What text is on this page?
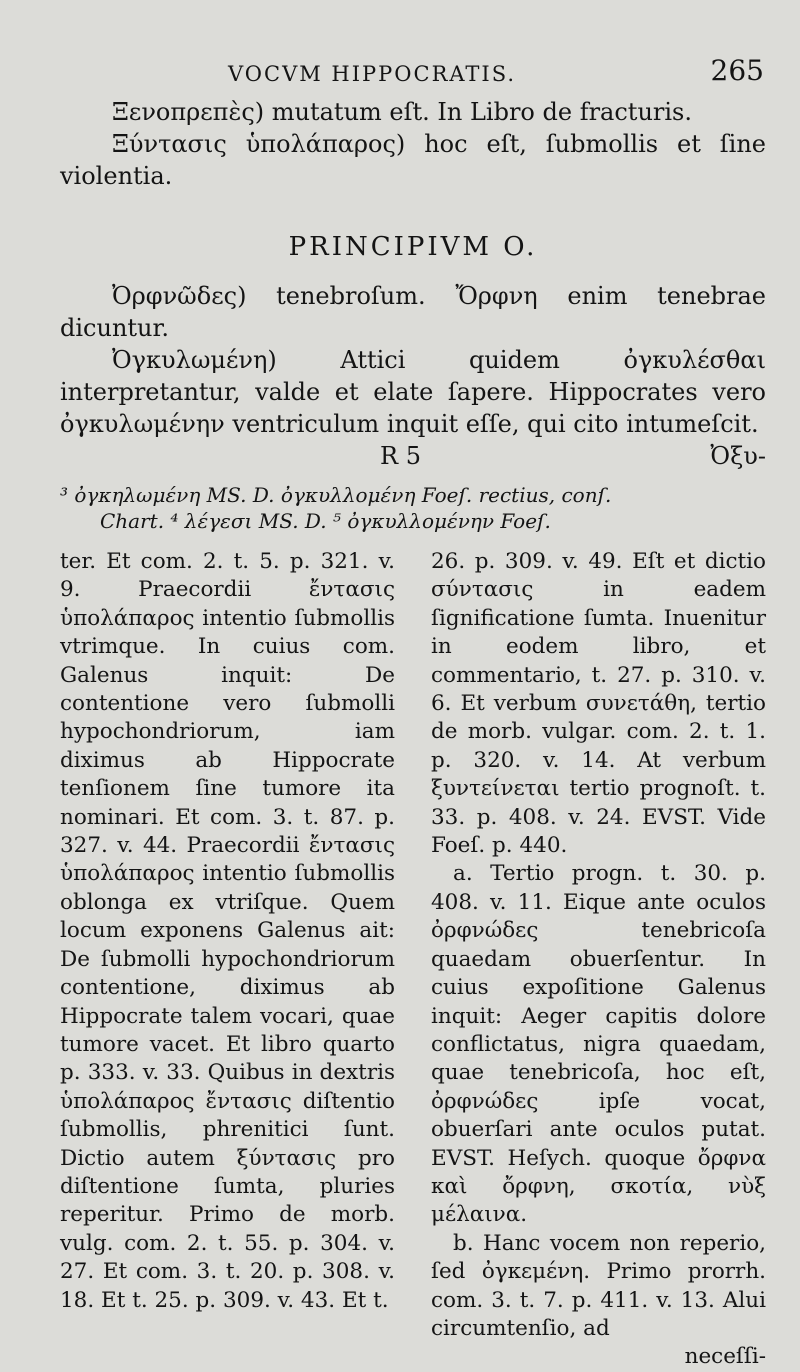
VOCVM HIPPOCRATIS.	265

Ξενοπρεπὲς) mutatum eſt. In Libro de fracturis.

Ξύντασις ὑπολάπαρος) hoc eſt, ſubmollis et ſine violentia.

PRINCIPIVM O.

Ὀρφνῶδες) tenebroſum. Ὄρφνη enim tenebrae dicuntur.

Ὀγκυλωμένη) Attici quidem ὀγκυλέσθαι interpretantur, valde et elate ſapere. Hippocrates vero ὀγκυλωμένην ventriculum inquit eſſe, qui cito intumeſcit.

R 5	Ὀξυ-

³ ὀγκηλωμένη MS. D. ὀγκυλλομένη Foeſ. rectius, conſ.

Chart. ⁴ λέγεσι MS. D. ⁵ ὀγκυλλομένην Foeſ.

ter. Et com. 2. t. 5. p. 321. v. 9. Praecordii ἔντασις ὑπολάπαρος intentio ſubmollis vtrimque. In cuius com. Galenus inquit: De contentione vero ſubmolli hypochondriorum, iam diximus ab Hippocrate tenſionem ſine tumore ita nominari. Et com. 3. t. 87. p. 327. v. 44. Praecordii ἔντασις ὑπολάπαρος intentio ſubmollis oblonga ex vtriſque. Quem locum exponens Galenus ait: De ſubmolli hypochondriorum contentione, diximus ab Hippocrate talem vocari, quae tumore vacet. Et libro quarto p. 333. v. 33. Quibus in dextris ὑπολάπαρος ἔντασις diſtentio ſubmollis, phrenitici ſunt. Dictio autem ξύντασις pro diſtentione ſumta, pluries reperitur. Primo de morb. vulg. com. 2. t. 55. p. 304. v. 27. Et com. 3. t. 20. p. 308. v. 18. Et t. 25. p. 309. v. 43. Et t.

26. p. 309. v. 49. Eſt et dictio σύντασις in eadem ſignificatione ſumta. Inuenitur in eodem libro, et commentario, t. 27. p. 310. v. 6. Et verbum συνετάθη, tertio de morb. vulgar. com. 2. t. 1. p. 320. v. 14. At verbum ξυντείνεται tertio prognoſt. t. 33. p. 408. v. 24. EVST. Vide Foeſ. p. 440.

a. Tertio progn. t. 30. p. 408. v. 11. Eique ante oculos ὀρφνώδες tenebricoſa quaedam obuerſentur. In cuius expoſitione Galenus inquit: Aeger capitis dolore conflictatus, nigra quaedam, quae tenebricoſa, hoc eſt, ὀρφνώδες ipſe vocat, obuerſari ante oculos putat. EVST. Heſych. quoque ὄρφνα καὶ ὄρφνη, σκοτία, νὺξ μέλαινα.

b. Hanc vocem non reperio, ſed ὀγκεμένη. Primo prorrh. com. 3. t. 7. p. 411. v. 13. Alui circumtenſio, ad

neceſſi-
